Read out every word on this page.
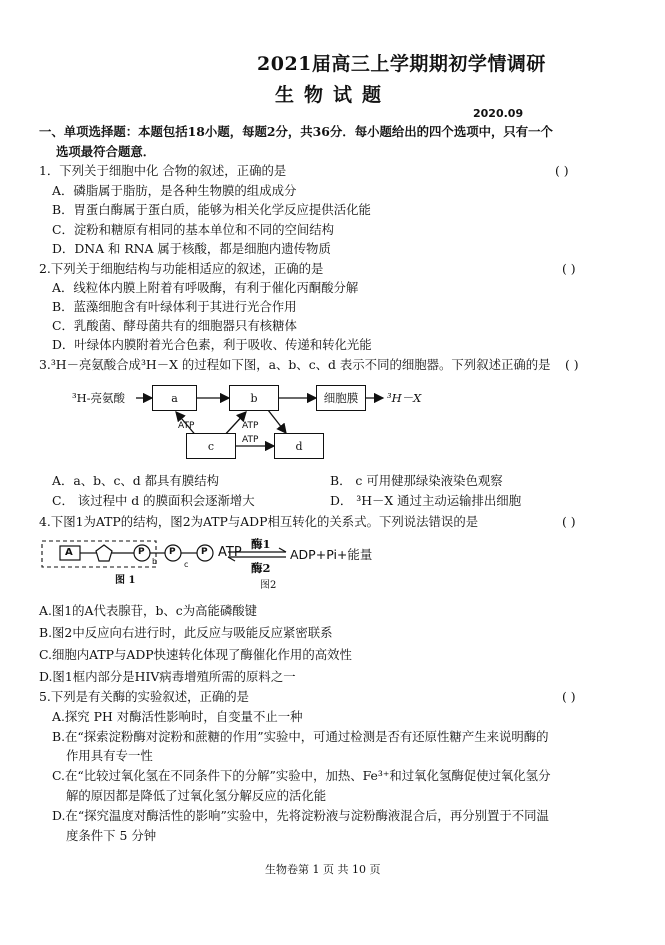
2021届高三上学期期初学情调研
生物试题
2020.09
一、单项选择题：本题包括18小题，每题2分，共36分．每小题给出的四个选项中，只有一个
选项最符合题意．
1．下列关于细胞中化 合物的叙述，正确的是	( )
A．磷脂属于脂肪，是各种生物膜的组成成分
B．胃蛋白酶属于蛋白质，能够为相关化学反应提供活化能
C．淀粉和糖原有相同的基本单位和不同的空间结构
D．DNA 和 RNA 属于核酸，都是细胞内遗传物质
2.下列关于细胞结构与功能相适应的叙述，正确的是	( )
A．线粒体内膜上附着有呼吸酶，有利于催化丙酮酸分解
B．蓝藻细胞含有叶绿体利于其进行光合作用
C．乳酸菌、酵母菌共有的细胞器只有核糖体
D．叶绿体内膜附着光合色素，利于吸收、传递和转化光能
3.³H－亮氨酸合成³H－X 的过程如下图，a、b、c、d 表示不同的细胞器。下列叙述正确的是 ( )
³H-亮氨酸	a	b	细胞膜	³H－X
c	d
ATP	ATP
ATP
A．a、b、c、d 都具有膜结构	B． c 可用健那绿染液染色观察
C． 该过程中 d 的膜面积会逐渐增大	D． ³H－X 通过主动运输排出细胞
4.下图1为ATP的结构，图2为ATP与ADP相互转化的关系式。下列说法错误的是	( )
A	P	P	P
b	c
图 1
ATP
酶1
酶2
ADP+Pi+能量
图2
A.图1的A代表腺苷，b、c为高能磷酸键
B.图2中反应向右进行时，此反应与吸能反应紧密联系
C.细胞内ATP与ADP快速转化体现了酶催化作用的高效性
D.图1框内部分是HIV病毒增殖所需的原料之一
5.下列是有关酶的实验叙述，正确的是	( )
A.探究 PH 对酶活性影响时，自变量不止一种
B.在“探索淀粉酶对淀粉和蔗糖的作用”实验中，可通过检测是否有还原性糖产生来说明酶的
作用具有专一性
C.在“比较过氧化氢在不同条件下的分解”实验中，加热、Fe³⁺和过氧化氢酶促使过氧化氢分
解的原因都是降低了过氧化氢分解反应的活化能
D.在“探究温度对酶活性的影响”实验中，先将淀粉液与淀粉酶液混合后，再分别置于不同温
度条件下 5 分钟
生物卷第 1 页 共 10 页
